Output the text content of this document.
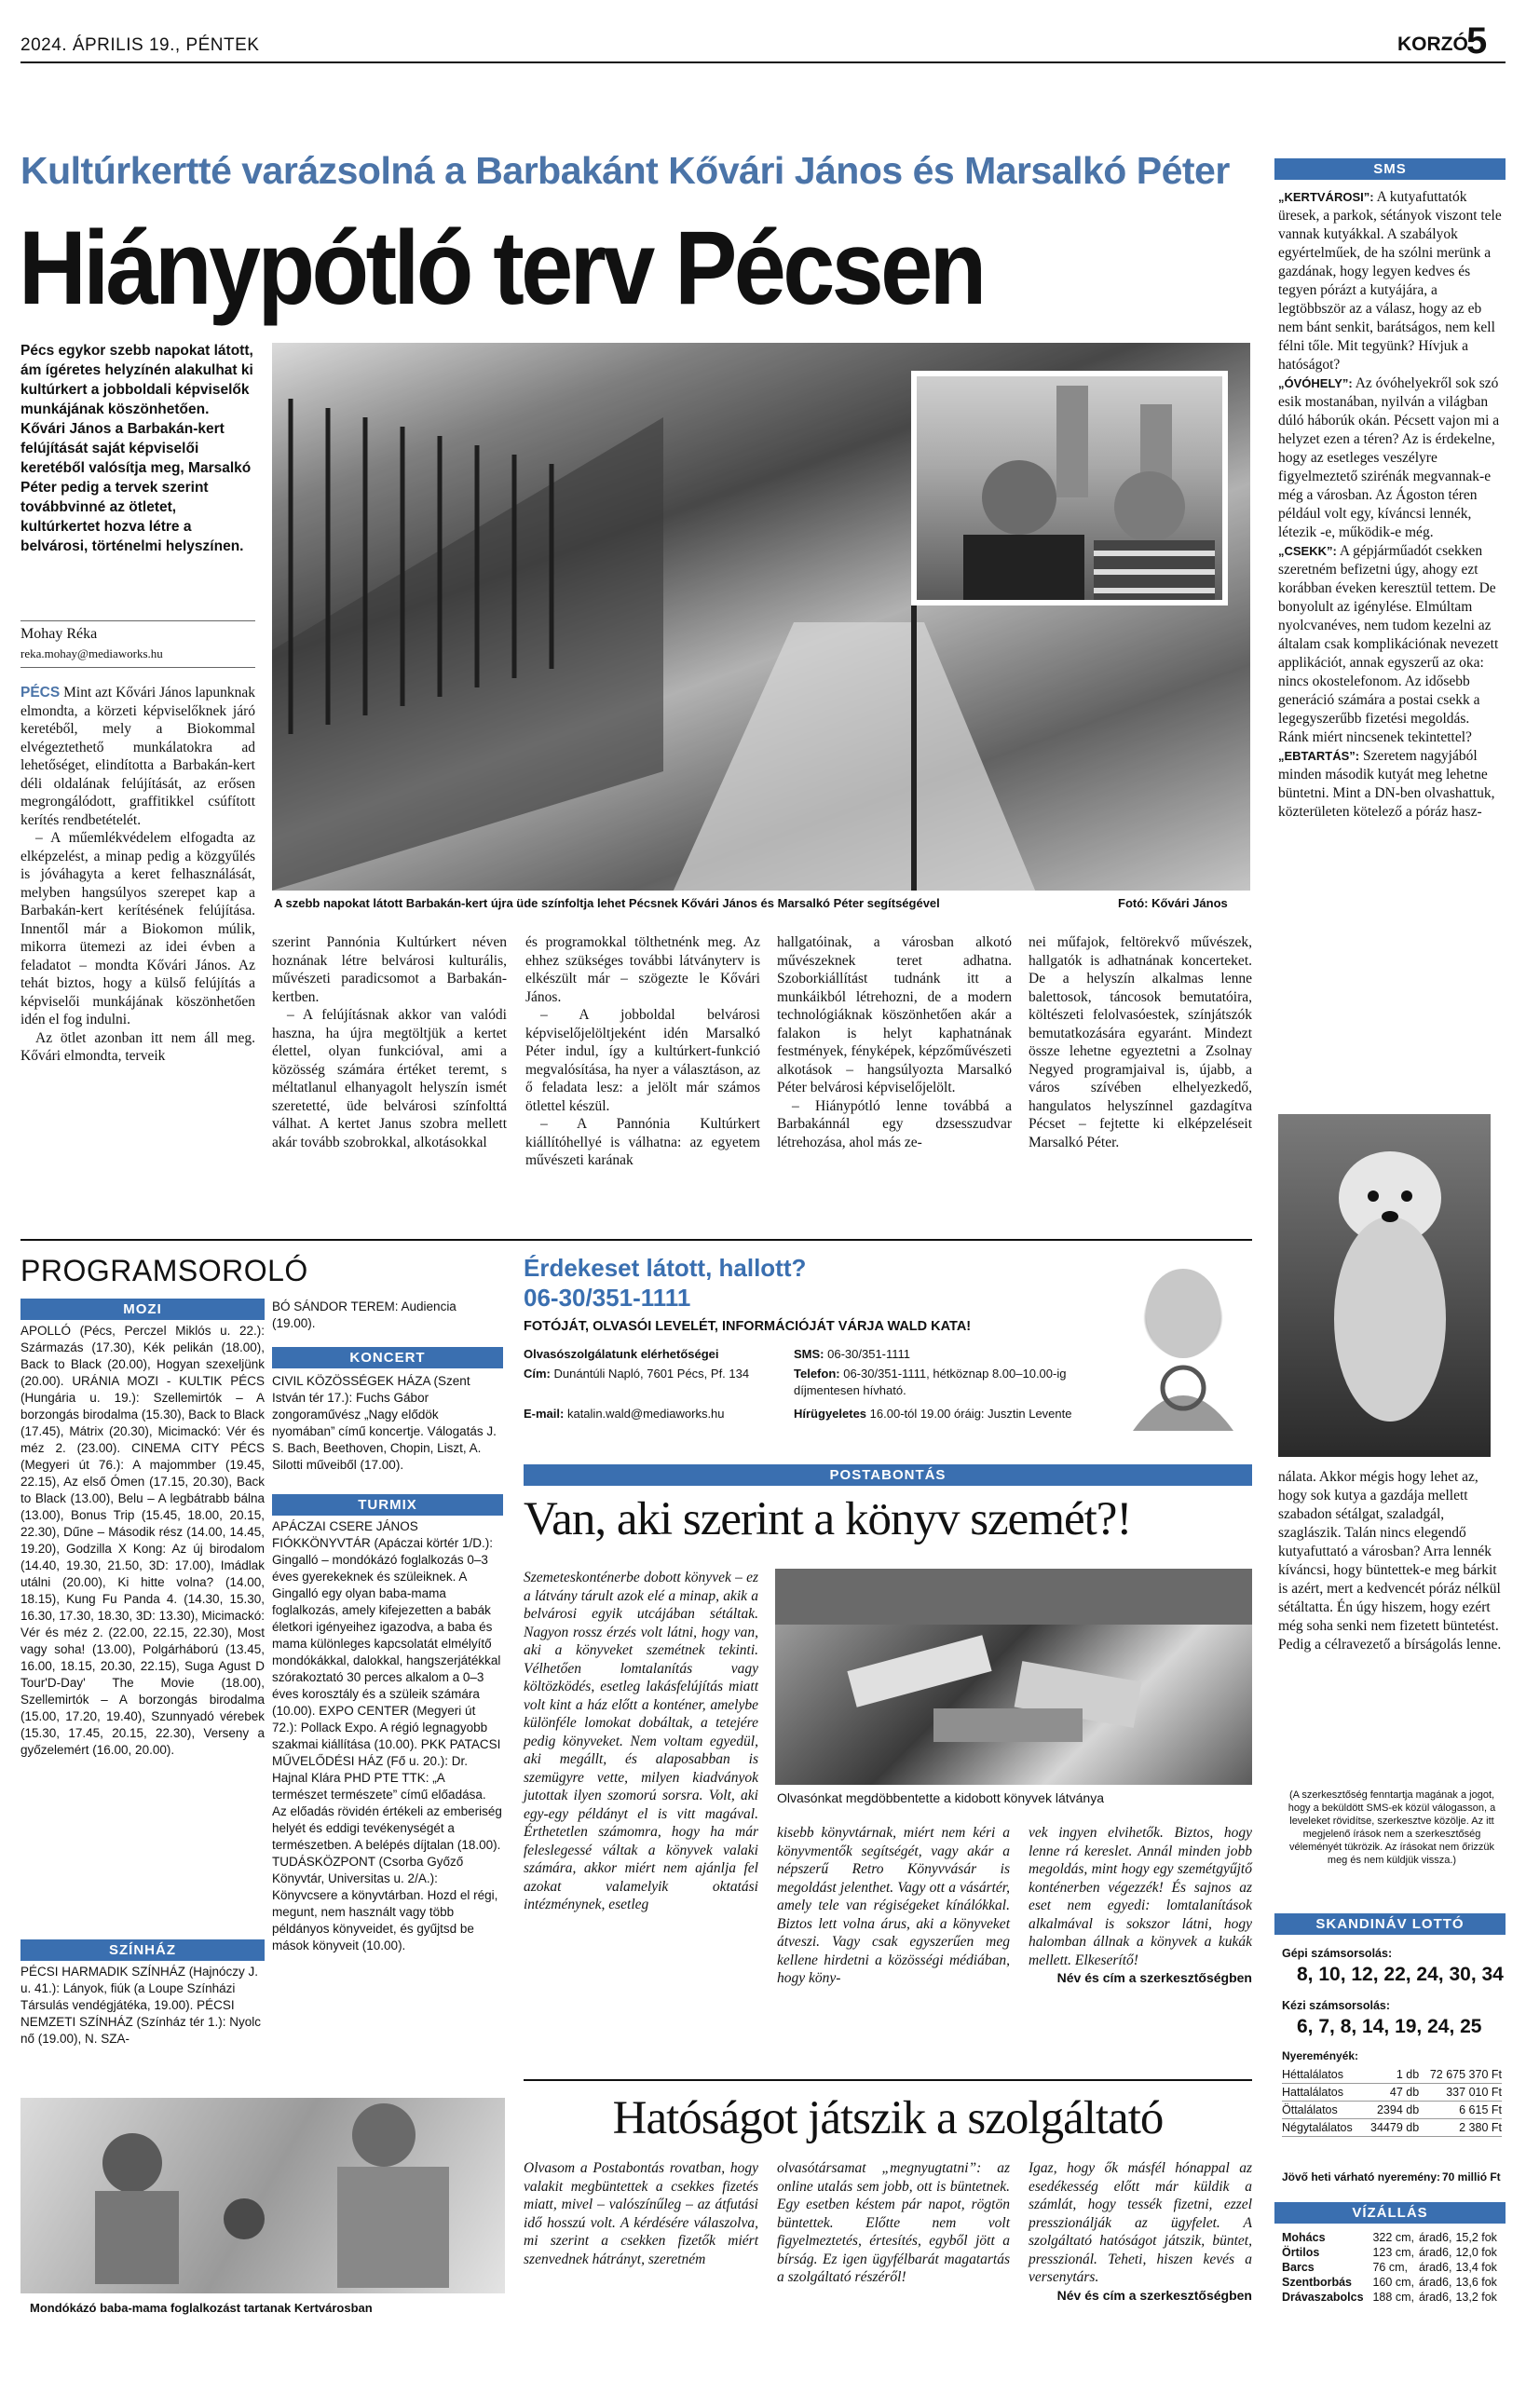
2024. ÁPRILIS 19., PÉNTEK	KORZÓ
5
Kultúrkertté varázsolná a Barbakánt Kővári János és Marsalkó Péter
Hiánypótló terv Pécsen
Pécs egykor szebb napokat látott, ám ígéretes helyzínén alakulhat ki kultúrkert a jobboldali képviselők munkájának köszönhetően. Kővári János a Barbakán-kert felújítását saját képviselői keretéből valósítja meg, Marsalkó Péter pedig a tervek szerint továbbvinné az ötletet, kultúrkertet hozva létre a belvárosi, történelmi helyszínen.
Mohay Réka
reka.mohay@mediaworks.hu

PÉCS Mint azt Kővári János lapunknak elmondta, a körzeti képviselőknek járó keretéből, mely a Biokommal elvégeztethető munkálatokra ad lehetőséget, elindította a Barbakán-kert déli oldalának felújítását, az erősen megrongálódott, graffitikkel csúfított kerítés rendbetételét.

– A műemlékvédelem elfogadta az elképzelést, a minap pedig a közgyűlés is jóváhagyta a keret felhasználását, melyben hangsúlyos szerepet kap a Barbakán-kert kerítésének felújítása. Innentől már a Biokomon múlik, mikorra ütemezi az idei évben a feladatot – mondta Kővári János. Az tehát biztos, hogy a külső felújítás a képviselői munkájának köszönhetően idén el fog indulni.

Az ötlet azonban itt nem áll meg. Kővári elmondta, terveik

A szebb napokat látott Barbakán-kert újra üde színfoltja lehet Pécsnek Kővári János és Marsalkó Péter segítségével	Fotó: Kővári János

szerint Pannónia Kultúrkert néven hoznának létre belvárosi kulturális, művészeti paradicsomot a Barbakán-kertben.

– A felújításnak akkor van valódi haszna, ha újra megtöltjük a kertet élettel, olyan funkcióval, ami a közösség számára értéket teremt, s méltatlanul elhanyagolt helyszín ismét szeretetté, üde belvárosi színfolttá válhat. A kertet Janus szobra mellett akár tovább szobrokkal, alkotásokkal

és programokkal tölthetnénk meg. Az ehhez szükséges további látványterv is elkészült már – szögezte le Kővári János.

– A jobboldal belvárosi képviselőjelöltjeként idén Marsalkó Péter indul, így a kultúrkert-funkció megvalósítása, ha nyer a választáson, az ő feladata lesz: a jelölt már számos ötlettel készül.

– A Pannónia Kultúrkert kiállítóhellyé is válhatna: az egyetem művészeti karának

hallgatóinak, a városban alkotó művészeknek teret adhatna. Szoborkiállítást tudnánk itt a munkáikból létrehozni, de a modern technológiáknak köszönhetően akár a falakon is helyt kaphatnának festmények, fényképek, képzőművészeti alkotások – hangsúlyozta Marsalkó Péter belvárosi képviselőjelölt.

– Hiánypótló lenne továbbá a Barbakánnál egy dzsesszudvar létrehozása, ahol más ze-

nei műfajok, feltörekvő művészek, hallgatók is adhatnának koncerteket. De a helyszín alkalmas lenne balettosok, táncosok bemutatóira, költészeti felolvasóestek, színjátszók bemutatkozására egyaránt. Mindezt össze lehetne egyeztetni a Zsolnay Negyed programjaival is, újabb, a város szívében elhelyezkedő, hangulatos helyszínnel gazdagítva Pécset – fejtette ki elképzeléseit Marsalkó Péter.

SMS
„KERTVÁROSI”: A kutyafuttatók üresek, a parkok, sétányok viszont tele vannak kutyákkal. A szabályok egyértelműek, de ha szólni merünk a gazdának, hogy legyen kedves és tegyen pórázt a kutyájára, a legtöbbször az a válasz, hogy az eb nem bánt senkit, barátságos, nem kell félni tőle. Mit tegyünk? Hívjuk a hatóságot?
„ÓVÓHELY”: Az óvóhelyekről sok szó esik mostanában, nyilván a világban dúló háborúk okán. Pécsett vajon mi a helyzet ezen a téren? Az is érdekelne, hogy az esetleges veszélyre figyelmeztető szirénák megvannak-e még a városban. Az Ágoston téren például volt egy, kíváncsi lennék, létezik -e, működik-e még.
„CSEKK”: A gépjárműadót csekken szeretném befizetni úgy, ahogy ezt korábban éveken keresztül tettem. De bonyolult az igénylése. Elmúltam nyolcvanéves, nem tudom kezelni az általam csak komplikációnak nevezett applikációt, annak egyszerű az oka: nincs okostelefonom. Az idősebb generáció számára a postai csekk a legegyszerűbb fizetési megoldás. Ránk miért nincsenek tekintettel?
„EBTARTÁS”: Szeretem nagyjából minden második kutyát meg lehetne büntetni. Mint a DN-ben olvashattuk, közterületen kötelező a póráz hasz-
nálata. Akkor mégis hogy lehet az, hogy sok kutya a gazdája mellett szabadon sétálgat, szaladgál, szaglászik. Talán nincs elegendő kutyafuttató a városban? Arra lennék kíváncsi, hogy büntettek-e meg bárkit is azért, mert a kedvencét póráz nélkül sétáltatta. Én úgy hiszem, hogy ezért még soha senki nem fizetett büntetést. Pedig a célravezető a bírságolás lenne.
(A szerkesztőség fenntartja magának a jogot, hogy a beküldött SMS-ek közül válogasson, a leveleket rövidítse, szerkesztve közölje. Az itt megjelenő írások nem a szerkesztőség véleményét tükrözik. Az írásokat nem őrizzük meg és nem küldjük vissza.)
SKANDINÁV LOTTÓ
Gépi számsorsolás:
8, 10, 12, 22, 24, 30, 34
Kézi számsorsolás:
6, 7, 8, 14, 19, 24, 25
Nyereményék:
Héttalálatos	1 db	72 675 370 Ft
Hattalálatos	47 db	337 010 Ft
Öttalálatos	2394 db	6 615 Ft
Négytalálatos	34479 db	2 380 Ft
Jövő heti várható nyeremény: 70 millió Ft
VÍZÁLLÁS
Mohács	322 cm,	árad6,	15,2 fok
Örtilos	123 cm,	árad6,	12,0 fok
Barcs	76 cm,	árad6,	13,4 fok
Szentborbás	160 cm,	árad6,	13,6 fok
Drávaszabolcs	188 cm,	árad6,	13,2 fok
PROGRAMSOROLÓ
MOZI
APOLLÓ (Pécs, Perczel Miklós u. 22.): Származás (17.30), Kék pelikán (18.00), Back to Black (20.00), Hogyan szexeljünk (20.00). URÁNIA MOZI - KULTIK PÉCS (Hungária u. 19.): Szellemirtók – A borzongás birodalma (15.30), Back to Black (17.45), Mátrix (20.30), Micimackó: Vér és méz 2. (23.00). CINEMA CITY PÉCS (Megyeri út 76.): A majommber (19.45, 22.15), Az első Ómen (17.15, 20.30), Back to Black (13.00), Belu – A legbátrabb bálna (13.00), Bonus Trip (15.45, 18.00, 20.15, 22.30), Dűne – Második rész (14.00, 14.45, 19.20), Godzilla X Kong: Az új birodalom (14.40, 19.30, 21.50, 3D: 17.00), Imádlak utálni (20.00), Ki hitte volna? (14.00, 18.15), Kung Fu Panda 4. (14.30, 15.30, 16.30, 17.30, 18.30, 3D: 13.30), Micimackó: Vér és méz 2. (22.00, 22.15, 22.30), Most vagy soha! (13.00), Polgárháború (13.45, 16.00, 18.15, 20.30, 22.15), Suga Agust D Tour'D-Day' The Movie (18.00), Szellemirtók – A borzongás birodalma (15.00, 17.20, 19.40), Szunnyadó vérebek (15.30, 17.45, 20.15, 22.30), Verseny a győzelemért (16.00, 20.00).
SZÍNHÁZ
PÉCSI HARMADIK SZÍNHÁZ (Hajnóczy J. u. 41.): Lányok, fiúk (a Loupe Színházi Társulás vendégjátéka, 19.00). PÉCSI NEMZETI SZÍNHÁZ (Színház tér 1.): Nyolc nő (19.00), N. SZA-
BÓ SÁNDOR TEREM: Audiencia (19.00).
KONCERT
CIVIL KÖZÖSSÉGEK HÁZA (Szent István tér 17.): Fuchs Gábor zongoraművész „Nagy elődök nyomában” című koncertje. Válogatás J. S. Bach, Beethoven, Chopin, Liszt, A. Silotti műveiből (17.00).
TURMIX
APÁCZAI CSERE JÁNOS FIÓKKÖNYVTÁR (Apáczai körtér 1/D.): Gingalló – mondókázó foglalkozás 0–3 éves gyerekeknek és szüleiknek. A Gingalló egy olyan baba-mama foglalkozás, amely kifejezetten a babák életkori igényeihez igazodva, a baba és mama különleges kapcsolatát elmélyítő mondókákkal, dalokkal, hangszerjátékkal szórakoztató 30 perces alkalom a 0–3 éves korosztály és a szüleik számára (10.00). EXPO CENTER (Megyeri út 72.): Pollack Expo. A régió legnagyobb szakmai kiállítása (10.00). PKK PATACSI MŰVELŐDÉSI HÁZ (Fő u. 20.): Dr. Hajnal Klára PHD PTE TTK: „A természet természete” című előadása. Az előadás rövidén értékeli az emberiség helyét és eddigi tevékenységét a természetben. A belépés díjtalan (18.00). TUDÁSKÖZPONT (Csorba Győző Könyvtár, Universitas u. 2/A.): Könyvcsere a könyvtárban. Hozd el régi, megunt, nem használt vagy több példányos könyveidet, és gyűjtsd be mások könyveit (10.00).
Mondókázó baba-mama foglalkozást tartanak Kertvárosban
Érdekeset látott, hallott?
06-30/351-1111
FOTÓJÁT, OLVASÓI LEVELÉT, INFORMÁCIÓJÁT VÁRJA WALD KATA!
Olvasószolgálatunk elérhetőségei
Cím: Dunántúli Napló, 7601 Pécs, Pf. 134
E-mail: katalin.wald@mediaworks.hu
SMS: 06-30/351-1111
Telefon: 06-30/351-1111, hétköznap 8.00–10.00-ig díjmentesen hívható.
Hírügyeletes 16.00-tól 19.00 óráig: Jusztin Levente
POSTABONTÁS
Van, aki szerint a könyv szemét?!
Szemeteskonténerbe dobott könyvek – ez a látvány tárult azok elé a minap, akik a belvárosi egyik utcájában sétáltak. Nagyon rossz érzés volt látni, hogy van, aki a könyveket szemétnek tekinti. Vélhetően lomtalanítás vagy költözködés, esetleg lakásfelújítás miatt volt kint a ház előtt a konténer, amelybe különféle lomokat dobáltak, a tetejére pedig könyveket. Nem voltam egyedül, aki megállt, és alaposabban is szemügyre vette, milyen kiadványok jutottak ilyen szomorú sorsra. Volt, aki egy-egy példányt el is vitt magával. Érthetetlen számomra, hogy ha már feleslegessé váltak a könyvek valaki számára, akkor miért nem ajánlja fel azokat valamelyik oktatási intézménynek, esetleg
Olvasónkat megdöbbentette a kidobott könyvek látványa
kisebb könyvtárnak, miért nem kéri a könyvmentők segítségét, vagy akár a népszerű Retro Könyvvásár is megoldást jelenthet. Vagy ott a vásártér, amely tele van régiségeket kínálókkal. Biztos lett volna árus, aki a könyveket átveszi. Vagy csak egyszerűen meg kellene hirdetni a közösségi médiában, hogy köny-
vek ingyen elvihetők. Biztos, hogy lenne rá kereslet. Annál minden jobb megoldás, mint hogy egy szemétgyűjtő konténerben végezzék! És sajnos az eset nem egyedi: lomtalanítások alkalmával is sokszor látni, hogy halomban állnak a könyvek a kukák mellett. Elkeserítő!
Név és cím a szerkesztőségben
Hatóságot játszik a szolgáltató
Olvasom a Postabontás rovatban, hogy valakit megbüntettek a csekkes fizetés miatt, mivel – valószínűleg – az átfutási idő hosszú volt. A kérdésére válaszolva, mi szerint a csekken fizetők miért szenvednek hátrányt, szeretném
olvasótársamat „megnyugtatni”: az online utalás sem jobb, ott is büntetnek. Egy esetben késtem pár napot, rögtön büntettek. Előtte nem volt figyelmeztetés, értesítés, egyből jött a bírság. Ez igen ügyfélbarát magatartás a szolgáltató részéről!
Igaz, hogy ők másfél hónappal az esedékesség előtt már küldik a számlát, hogy tessék fizetni, ezzel presszionálják az ügyfelet. A szolgáltató hatóságot játszik, büntet, presszionál. Teheti, hiszen kevés a versenytárs.
Név és cím a szerkesztőségben
